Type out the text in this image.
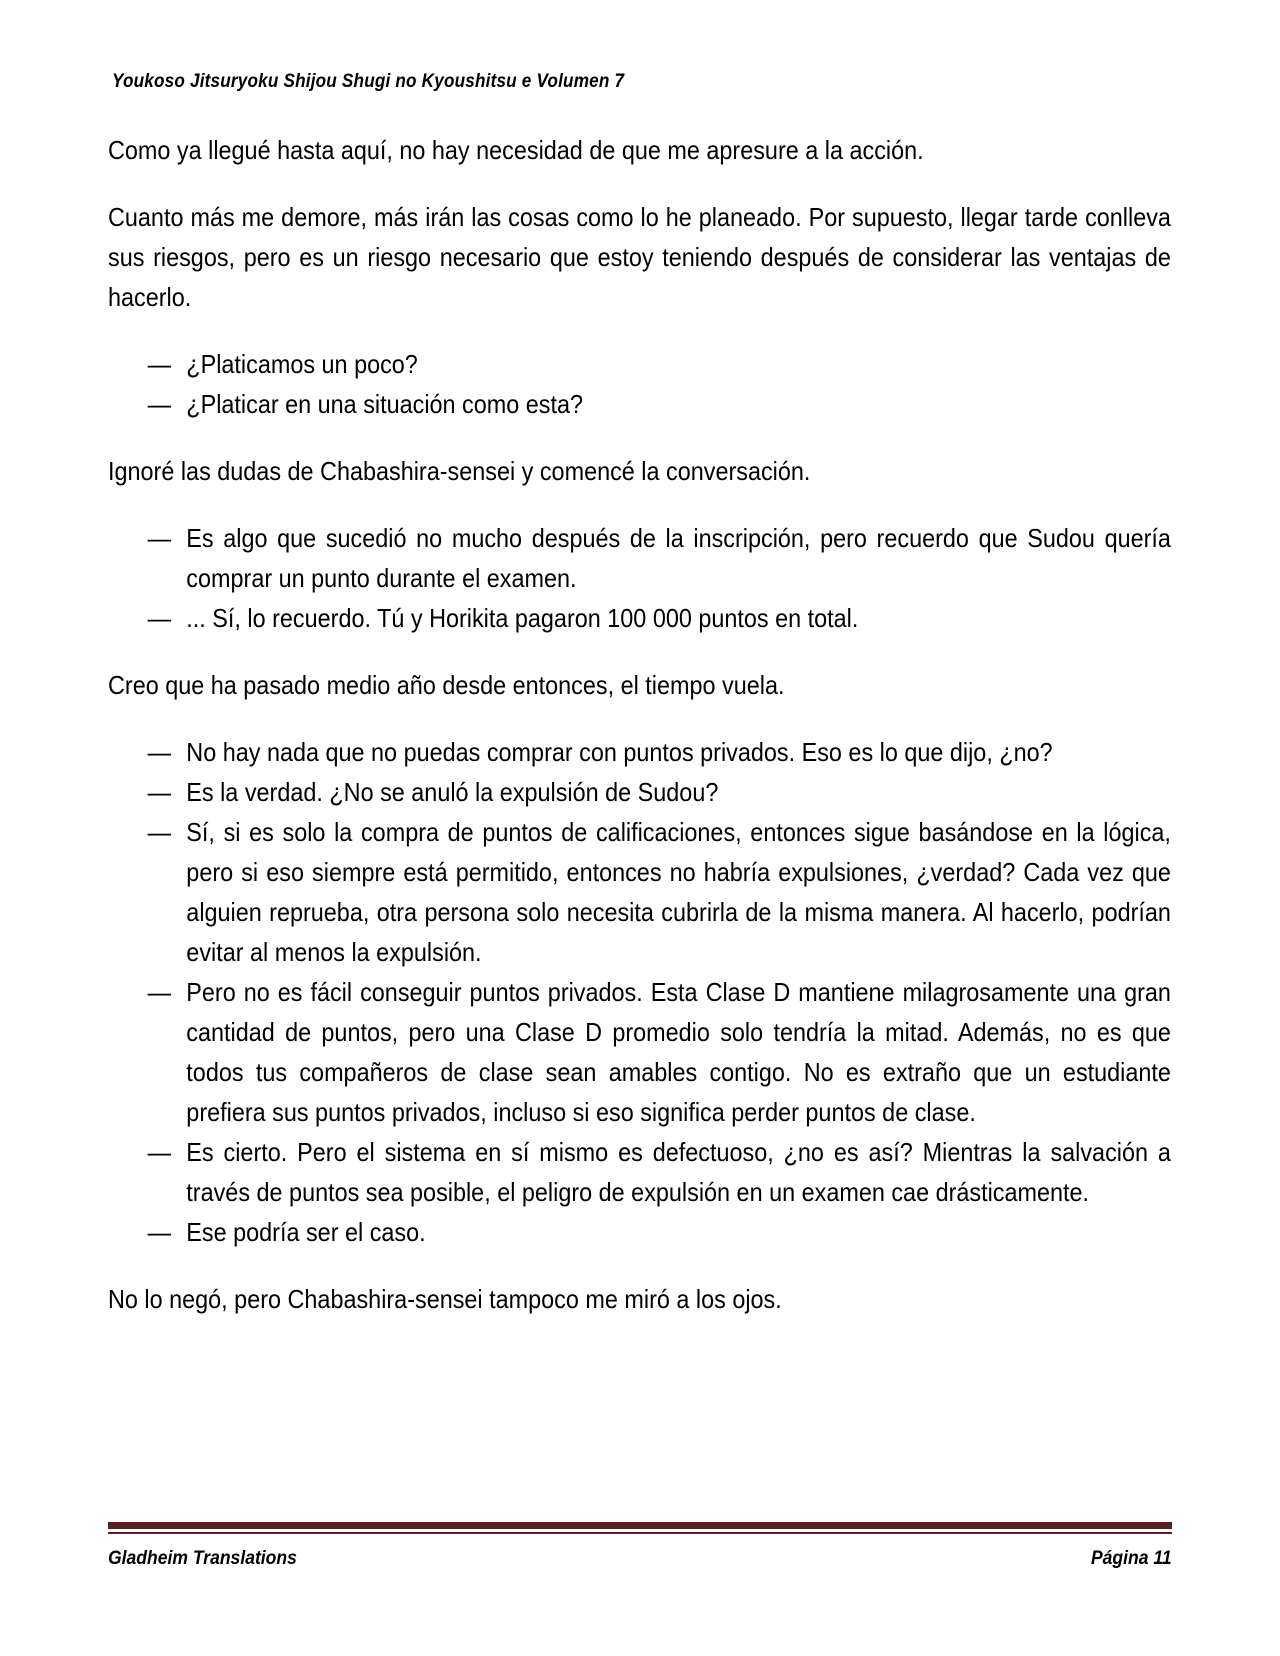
Youkoso Jitsuryoku Shijou Shugi no Kyoushitsu e Volumen 7

Como ya llegué hasta aquí, no hay necesidad de que me apresure a la acción.

Cuanto más me demore, más irán las cosas como lo he planeado. Por supuesto, llegar tarde conlleva sus riesgos, pero es un riesgo necesario que estoy teniendo después de considerar las ventajas de hacerlo.

— ¿Platicamos un poco?
— ¿Platicar en una situación como esta?

Ignoré las dudas de Chabashira-sensei y comencé la conversación.

— Es algo que sucedió no mucho después de la inscripción, pero recuerdo que Sudou quería comprar un punto durante el examen.
— ... Sí, lo recuerdo. Tú y Horikita pagaron 100 000 puntos en total.

Creo que ha pasado medio año desde entonces, el tiempo vuela.

— No hay nada que no puedas comprar con puntos privados. Eso es lo que dijo, ¿no?
— Es la verdad. ¿No se anuló la expulsión de Sudou?
— Sí, si es solo la compra de puntos de calificaciones, entonces sigue basándose en la lógica, pero si eso siempre está permitido, entonces no habría expulsiones, ¿verdad? Cada vez que alguien reprueba, otra persona solo necesita cubrirla de la misma manera. Al hacerlo, podrían evitar al menos la expulsión.
— Pero no es fácil conseguir puntos privados. Esta Clase D mantiene milagrosamente una gran cantidad de puntos, pero una Clase D promedio solo tendría la mitad. Además, no es que todos tus compañeros de clase sean amables contigo. No es extraño que un estudiante prefiera sus puntos privados, incluso si eso significa perder puntos de clase.
— Es cierto. Pero el sistema en sí mismo es defectuoso, ¿no es así? Mientras la salvación a través de puntos sea posible, el peligro de expulsión en un examen cae drásticamente.
— Ese podría ser el caso.

No lo negó, pero Chabashira-sensei tampoco me miró a los ojos.

Gladheim Translations	Página 11
